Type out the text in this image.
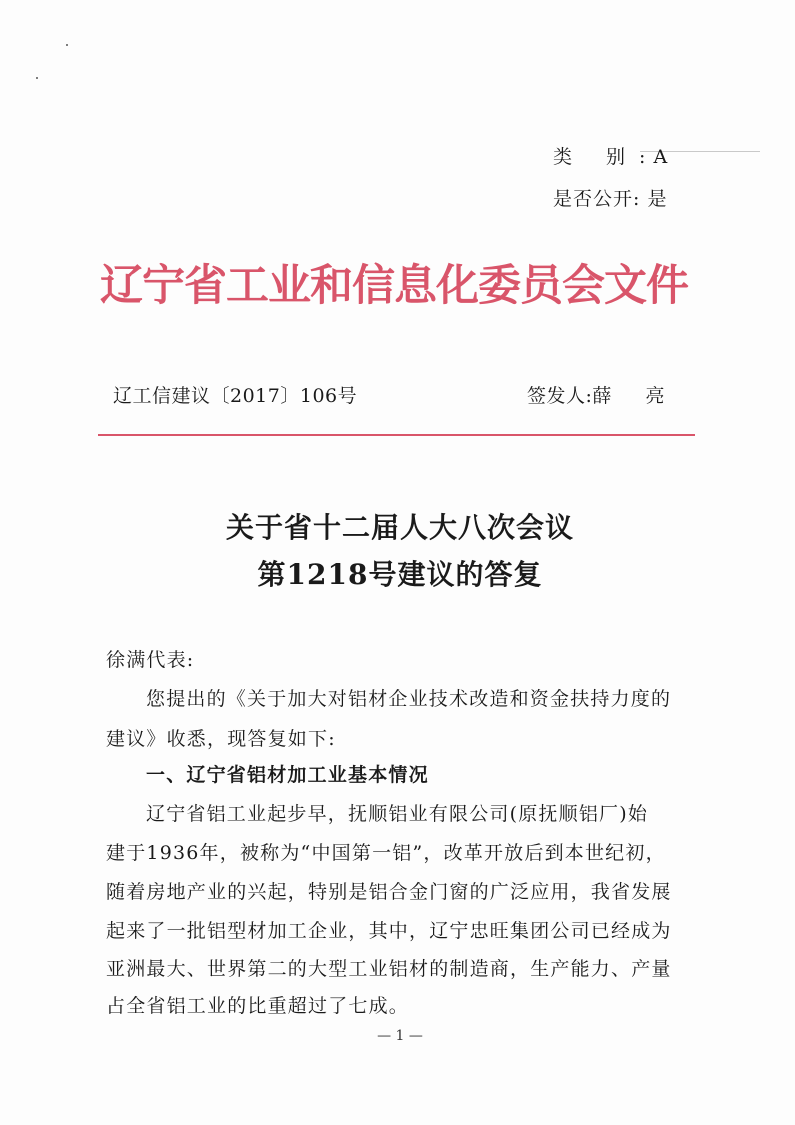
类 别: A
是否公开: 是
辽宁省工业和信息化委员会文件
辽工信建议〔2017〕106号	签发人:薛 亮
关于省十二届人大八次会议
第1218号建议的答复
徐满代表:
您提出的《关于加大对铝材企业技术改造和资金扶持力度的
建议》收悉，现答复如下:
一、辽宁省铝材加工业基本情况
辽宁省铝工业起步早，抚顺铝业有限公司(原抚顺铝厂)始
建于1936年，被称为“中国第一铝”，改革开放后到本世纪初，
随着房地产业的兴起，特别是铝合金门窗的广泛应用，我省发展
起来了一批铝型材加工企业，其中，辽宁忠旺集团公司已经成为
亚洲最大、世界第二的大型工业铝材的制造商，生产能力、产量
占全省铝工业的比重超过了七成。
— 1 —
